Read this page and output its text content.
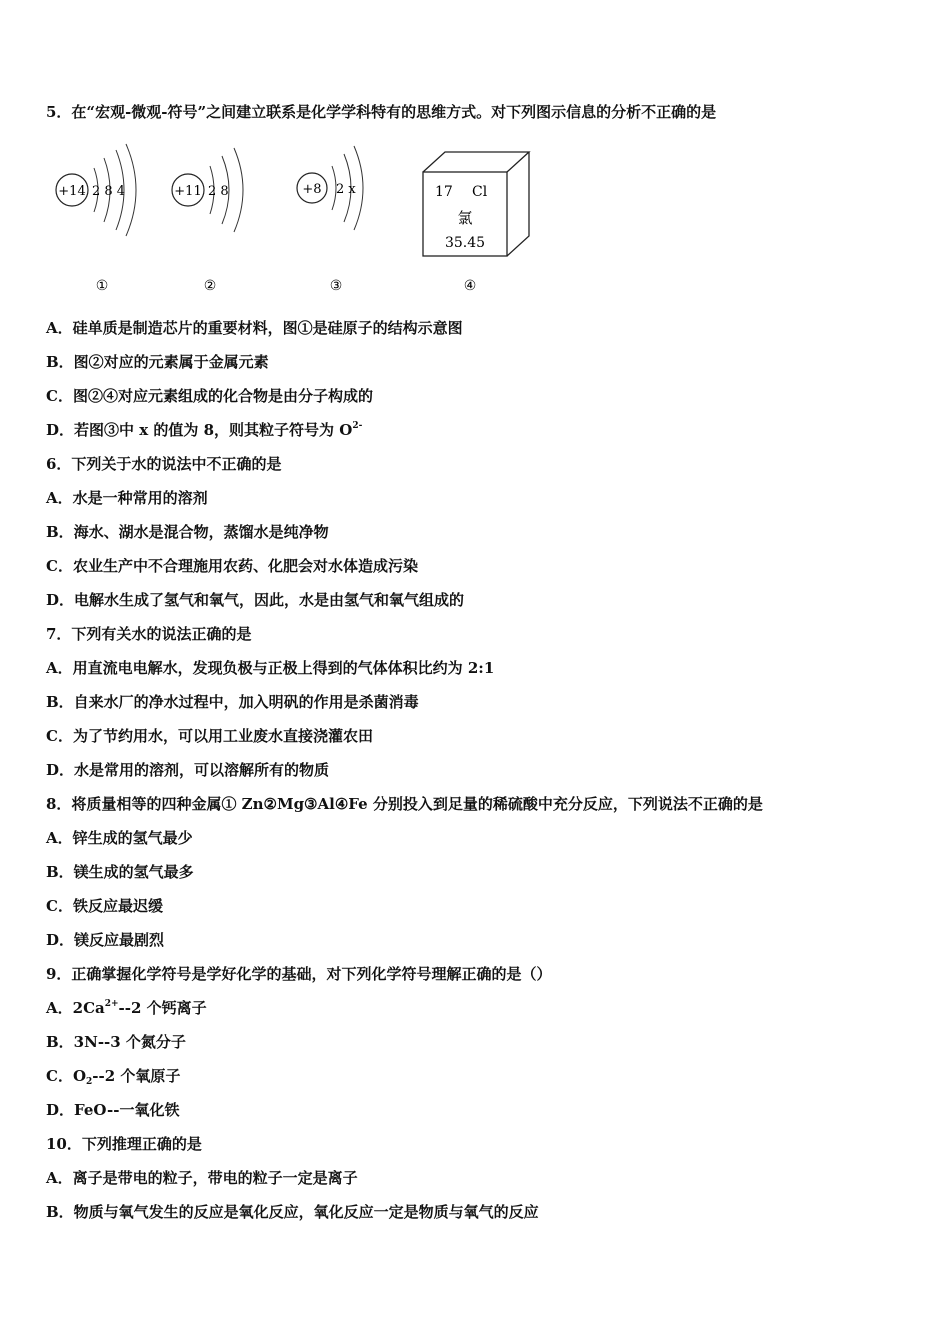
5．在“宏观-微观-符号”之间建立联系是化学学科特有的思维方式。对下列图示信息的分析不正确的是
+14 2 8 4
①
+11 2 8
②
+8 2 x
③
17 Cl
氯
35.45
④
A．硅单质是制造芯片的重要材料，图①是硅原子的结构示意图
B．图②对应的元素属于金属元素
C．图②④对应元素组成的化合物是由分子构成的
D．若图③中 x 的值为 8，则其粒子符号为 $O^{2-}$
6．下列关于水的说法中不正确的是
A．水是一种常用的溶剂
B．海水、湖水是混合物，蒸馏水是纯净物
C．农业生产中不合理施用农药、化肥会对水体造成污染
D．电解水生成了氢气和氧气，因此，水是由氢气和氧气组成的
7．下列有关水的说法正确的是
A．用直流电电解水，发现负极与正极上得到的气体体积比约为 2:1
B．自来水厂的净水过程中，加入明矾的作用是杀菌消毒
C．为了节约用水，可以用工业废水直接浇灌农田
D．水是常用的溶剂，可以溶解所有的物质
8．将质量相等的四种金属① Zn②Mg③Al④Fe 分别投入到足量的稀硫酸中充分反应，下列说法不正确的是
A．锌生成的氢气最少
B．镁生成的氢气最多
C．铁反应最迟缓
D．镁反应最剧烈
9．正确掌握化学符号是学好化学的基础，对下列化学符号理解正确的是（）
A．$2Ca^{2+}--2$ 个钙离子
B．3N--3 个氮分子
C．$O_2--2$ 个氧原子
D．FeO--一氧化铁
10．下列推理正确的是
A．离子是带电的粒子，带电的粒子一定是离子
B．物质与氧气发生的反应是氧化反应，氧化反应一定是物质与氧气的反应
